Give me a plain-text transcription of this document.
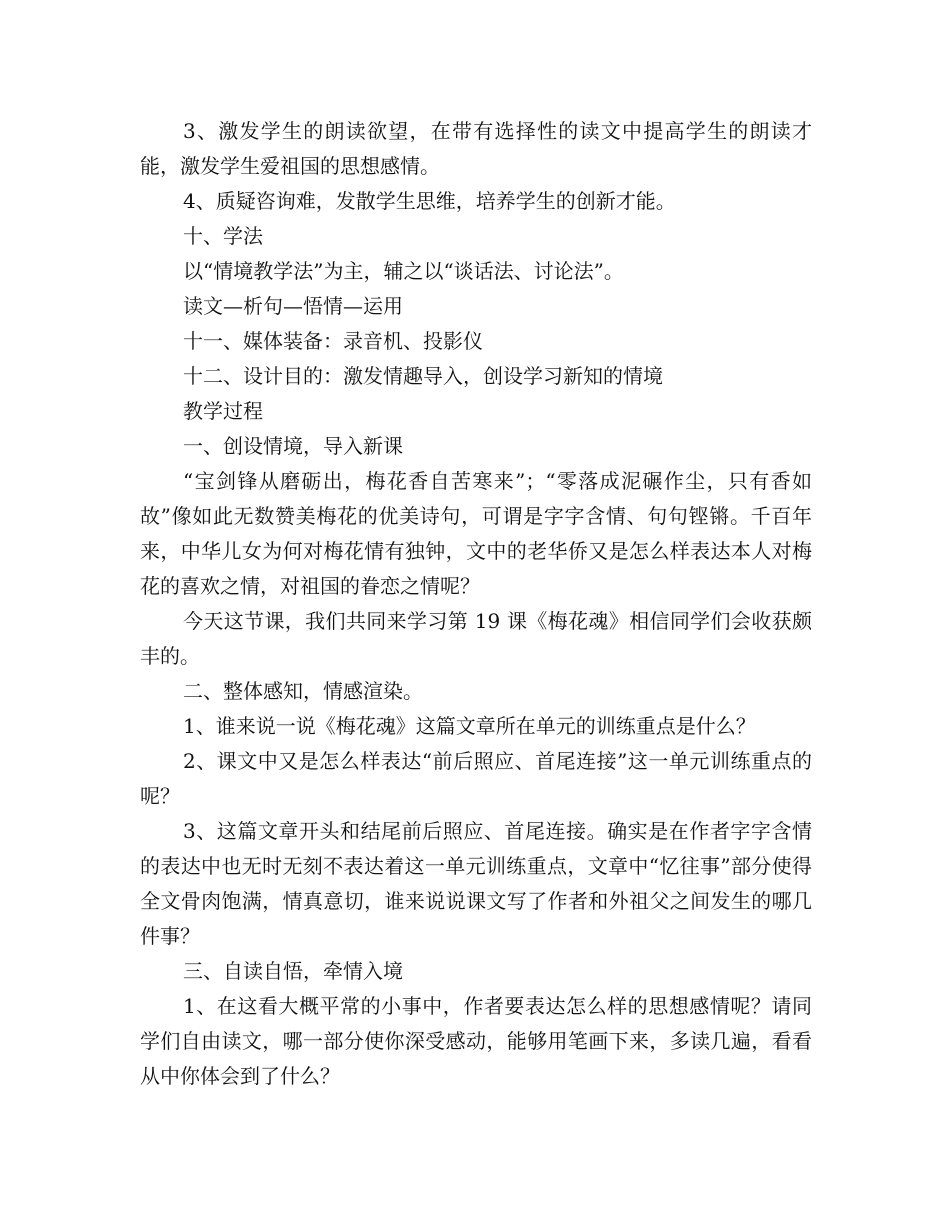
3、激发学生的朗读欲望，在带有选择性的读文中提高学生的朗读才能，激发学生爱祖国的思想感情。

4、质疑咨询难，发散学生思维，培养学生的创新才能。

十、学法

以“情境教学法”为主，辅之以“谈话法、讨论法”。

读文—析句—悟情—运用

十一、媒体装备：录音机、投影仪

十二、设计目的：激发情趣导入，创设学习新知的情境

教学过程

一、创设情境，导入新课

“宝剑锋从磨砺出，梅花香自苦寒来”；“零落成泥碾作尘，只有香如故”像如此无数赞美梅花的优美诗句，可谓是字字含情、句句铿锵。千百年来，中华儿女为何对梅花情有独钟，文中的老华侨又是怎么样表达本人对梅花的喜欢之情，对祖国的眷恋之情呢？

今天这节课，我们共同来学习第 19 课《梅花魂》相信同学们会收获颇丰的。

二、整体感知，情感渲染。

1、谁来说一说《梅花魂》这篇文章所在单元的训练重点是什么？

2、课文中又是怎么样表达“前后照应、首尾连接”这一单元训练重点的呢？

3、这篇文章开头和结尾前后照应、首尾连接。确实是在作者字字含情的表达中也无时无刻不表达着这一单元训练重点，文章中“忆往事”部分使得全文骨肉饱满，情真意切，谁来说说课文写了作者和外祖父之间发生的哪几件事？

三、自读自悟，牵情入境

1、在这看大概平常的小事中，作者要表达怎么样的思想感情呢？请同学们自由读文，哪一部分使你深受感动，能够用笔画下来，多读几遍，看看从中你体会到了什么？
